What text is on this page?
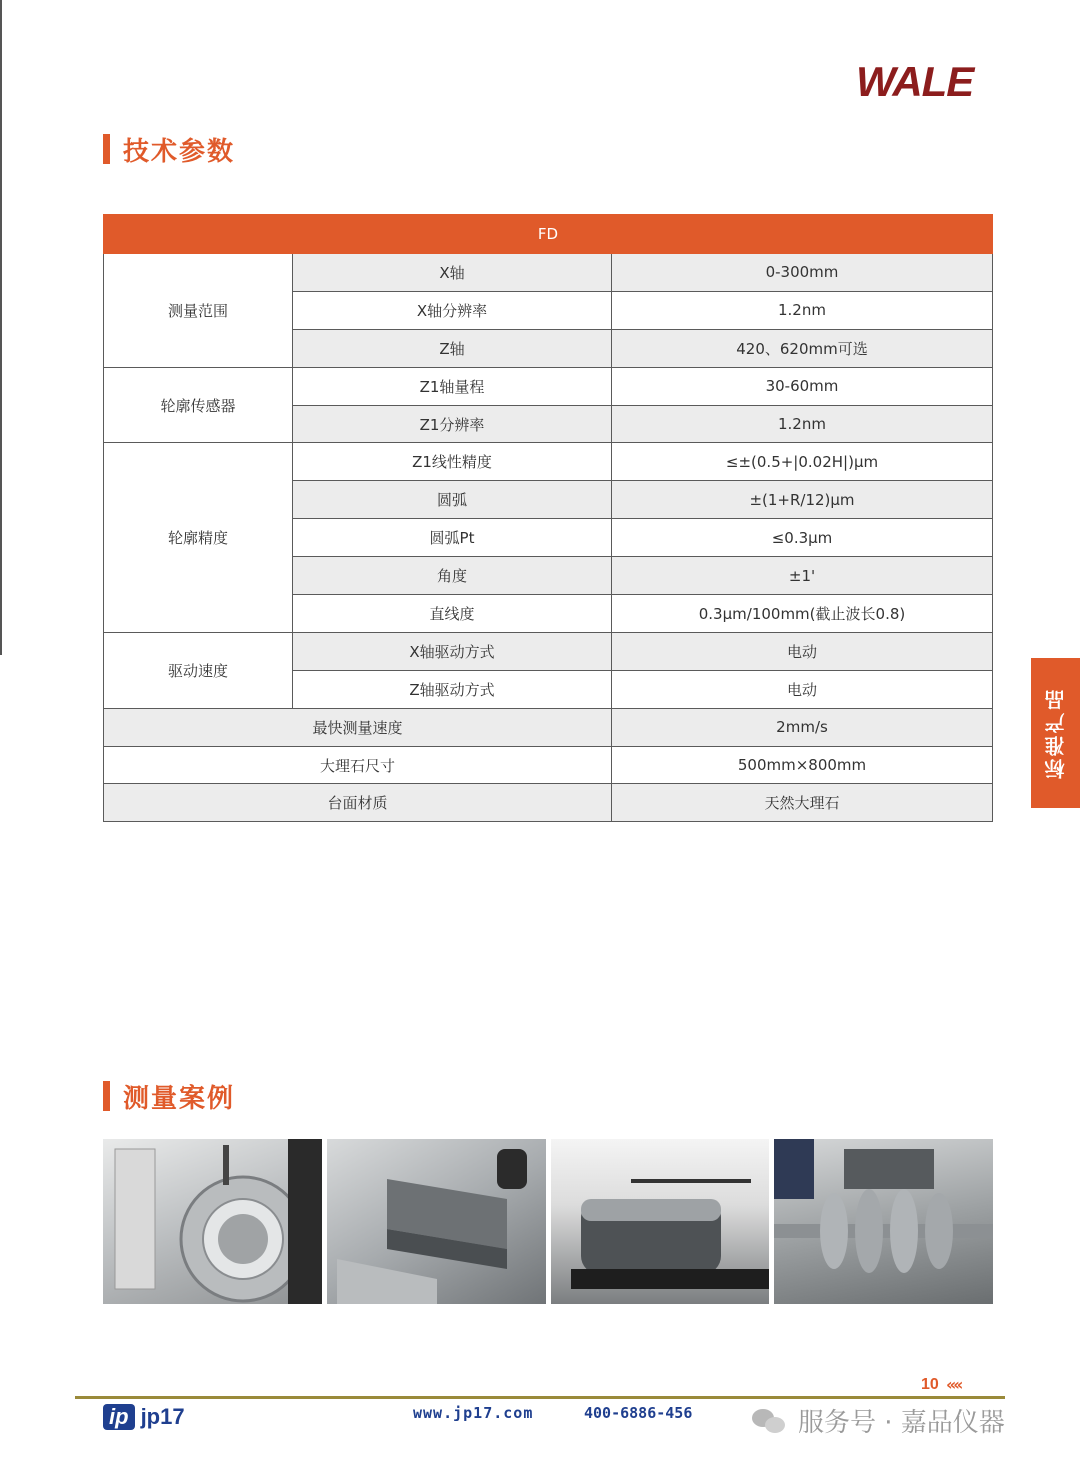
WALE
技术参数
FD		
测量范围	X轴	0-300mm
	X轴分辨率	1.2nm
	Z轴	420、620mm可选
轮廓传感器	Z1轴量程	30-60mm
	Z1分辨率	1.2nm
轮廓精度	Z1线性精度	≤±(0.5+|0.02H|)μm
	圆弧	±(1+R/12)μm
	圆弧Pt	≤0.3μm
	角度	±1'
	直线度	0.3μm/100mm(截止波长0.8)
驱动速度	X轴驱动方式	电动
	Z轴驱动方式	电动
最快测量速度		2mm/s
大理石尺寸		500mm×800mm
台面材质		天然大理石
标准产品
测量案例
10 ‹‹‹‹
ip jp17	www.jp17.com	400-6886-456	服务号 · 嘉品仪器
